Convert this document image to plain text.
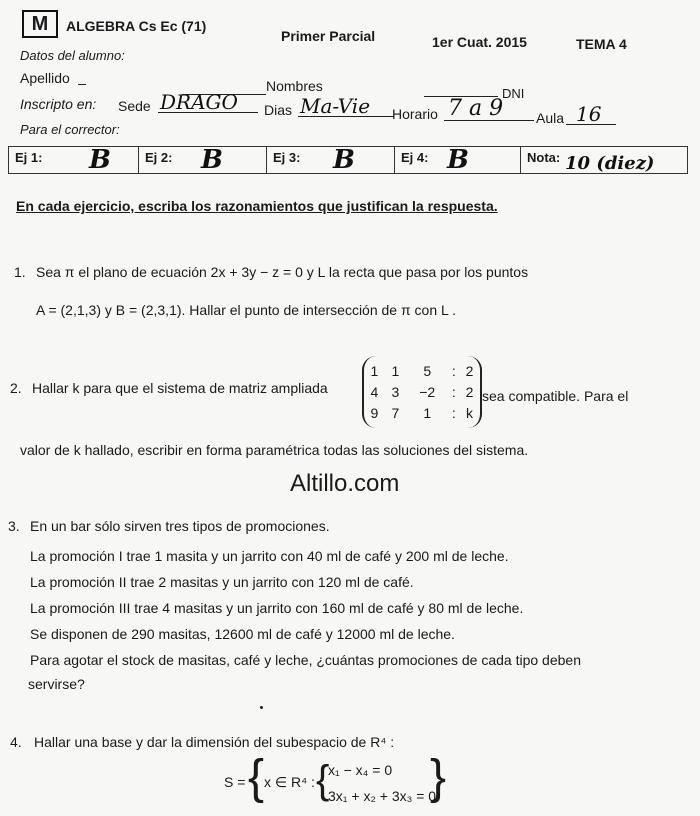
M	ALGEBRA Cs Ec (71)
Primer Parcial	1er Cuat. 2015	TEMA 4
Datos del alumno:
Apellido	Nombres	DNI
Inscripto en: Sede DRAGO Dias Ma-Vie Horario 7 a 9 Aula 16
Para el corrector:
Ej 1: B	Ej 2: B	Ej 3: B	Ej 4: B	Nota: 10 (diez)
En cada ejercicio, escriba los razonamientos que justifican la respuesta.
1. Sea π el plano de ecuación 2x + 3y − z = 0 y L la recta que pasa por los puntos
A = (2,1,3) y B = (2,3,1). Hallar el punto de intersección de π con L .
2. Hallar k para que el sistema de matriz ampliada
1	1	5	:	2
4	3	−2	:	2
9	7	1	:	k
sea compatible. Para el
valor de k hallado, escribir en forma paramétrica todas las soluciones del sistema.
Altillo.com
3. En un bar sólo sirven tres tipos de promociones.
La promoción I trae 1 masita y un jarrito con 40 ml de café y 200 ml de leche.
La promoción II trae 2 masitas y un jarrito con 120 ml de café.
La promoción III trae 4 masitas y un jarrito con 160 ml de café y 80 ml de leche.
Se disponen de 290 masitas, 12600 ml de café y 12000 ml de leche.
Para agotar el stock de masitas, café y leche, ¿cuántas promociones de cada tipo deben
servirse?
4. Hallar una base y dar la dimensión del subespacio de R⁴ :
S = { x ∈ R⁴ : {
x₁ − x₄ = 0
3x₁ + x₂ + 3x₃ = 0
}
